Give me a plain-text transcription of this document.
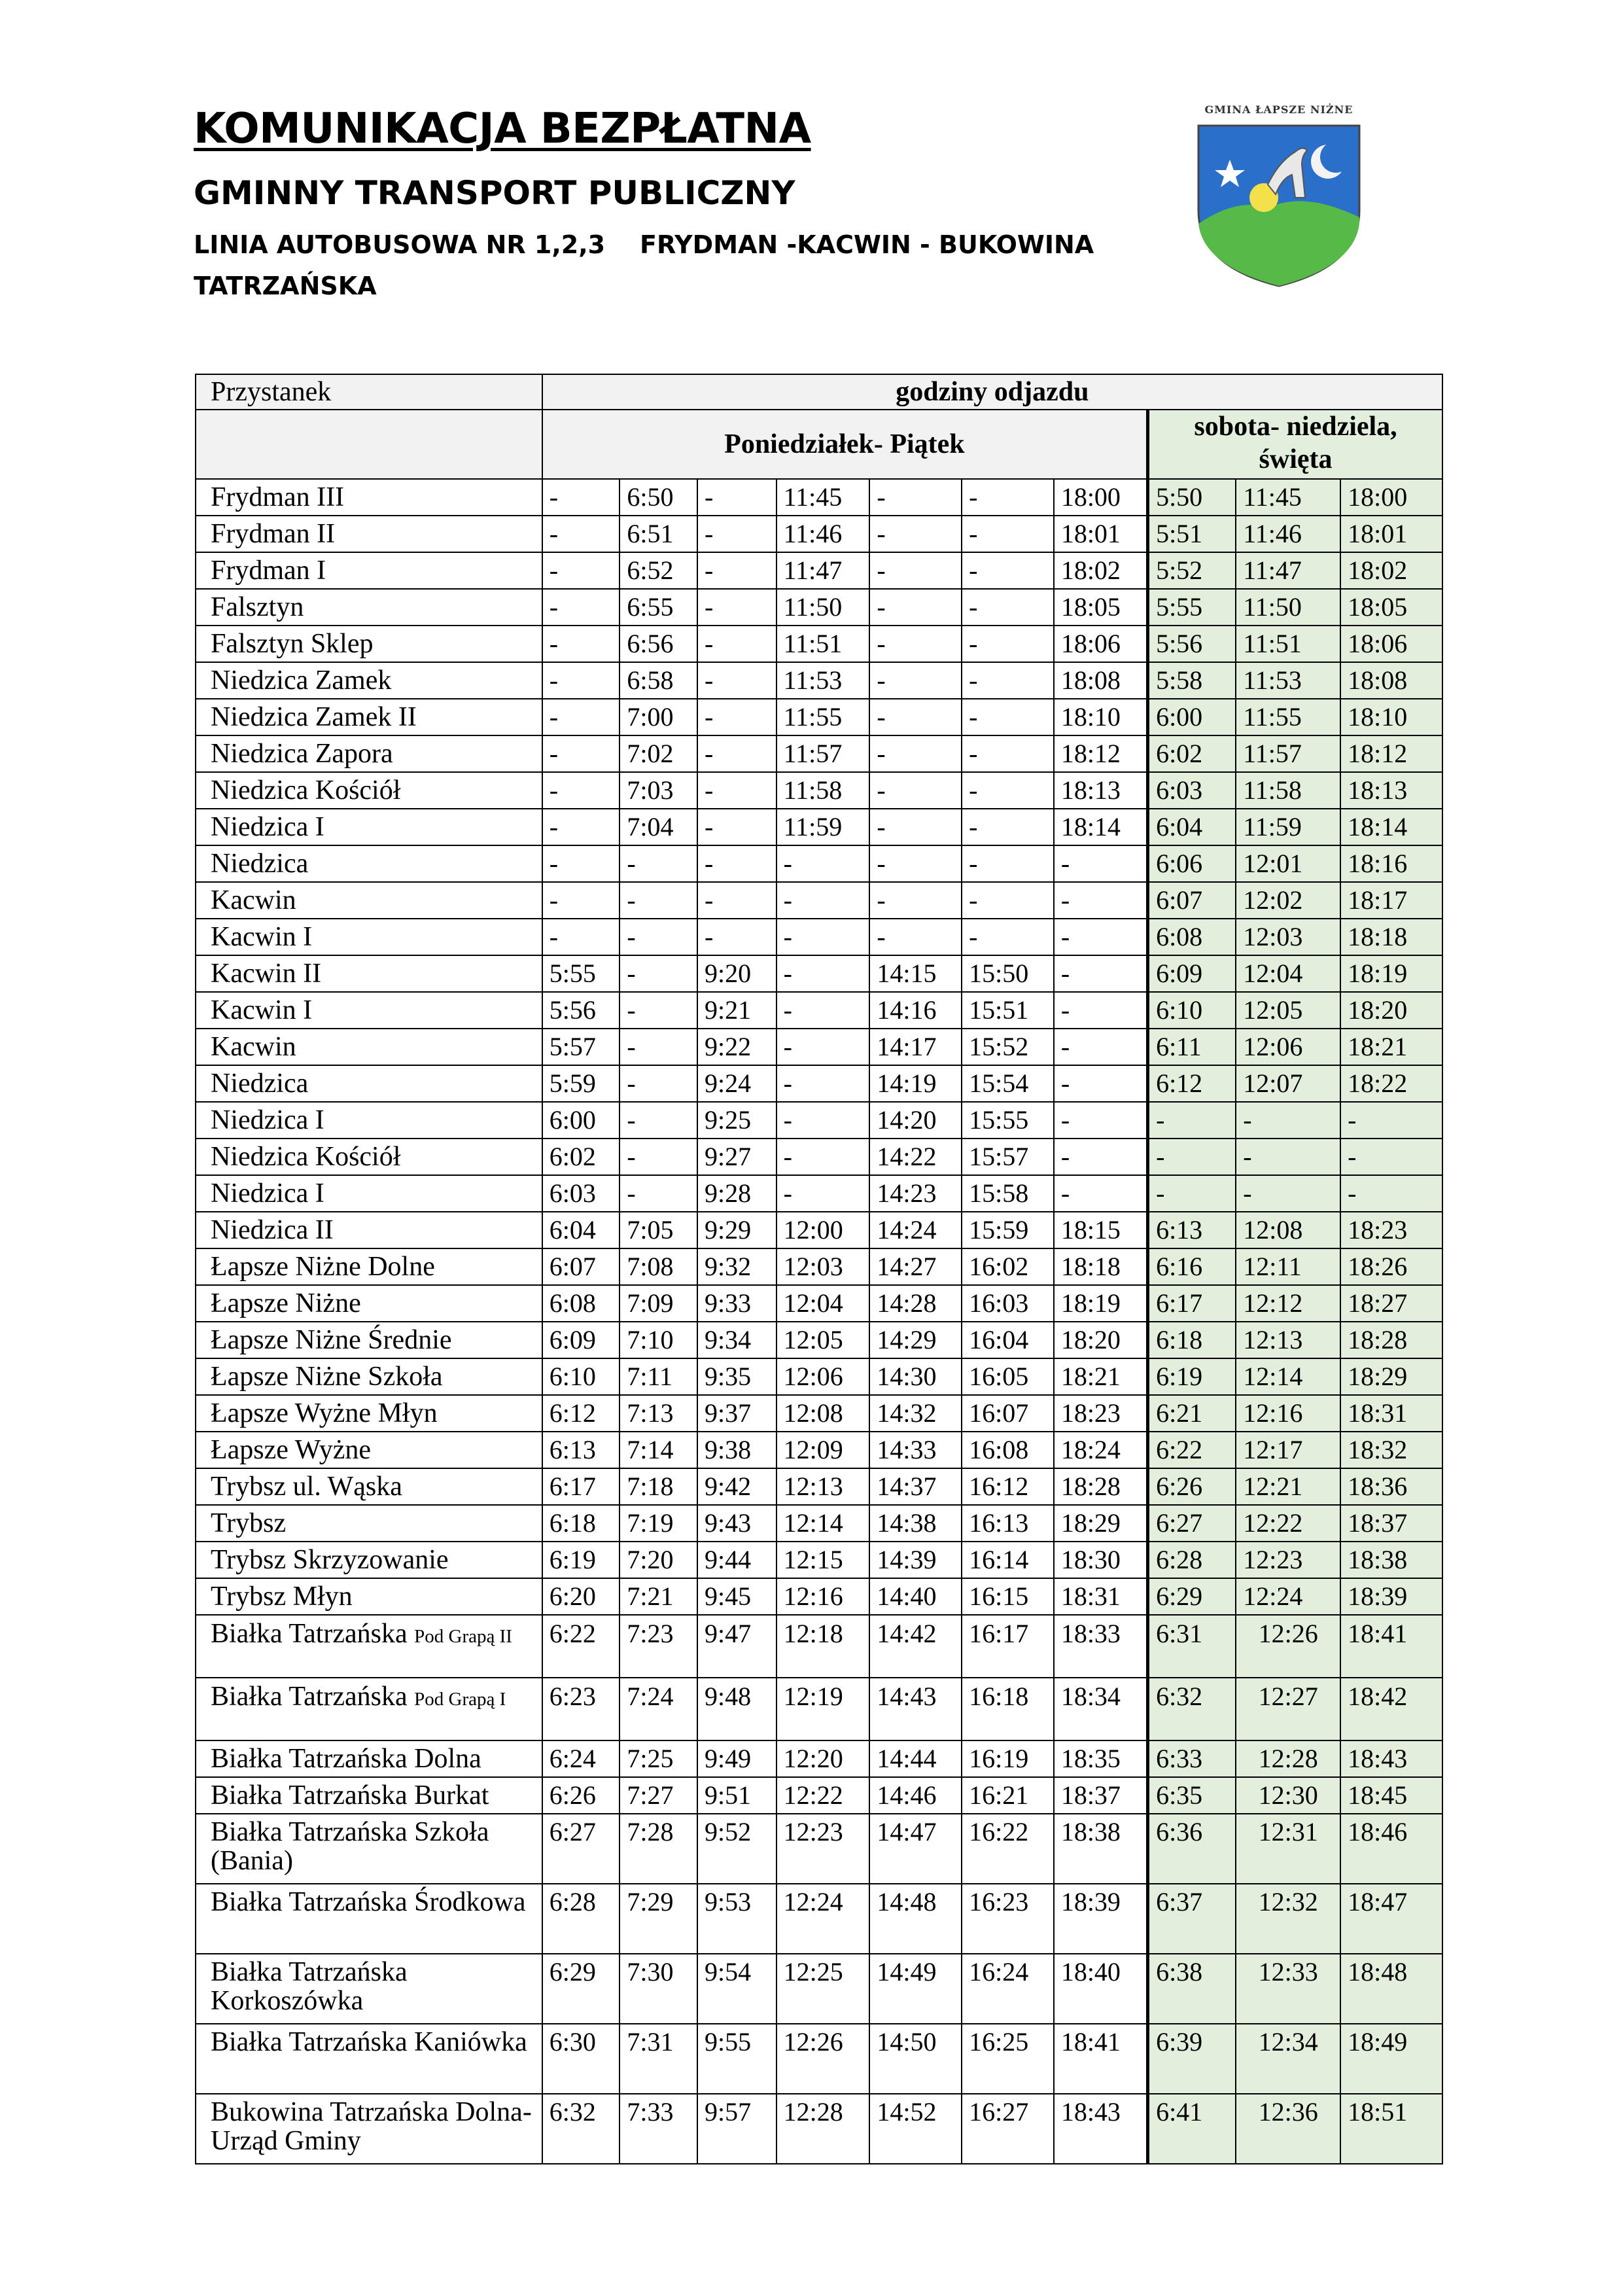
KOMUNIKACJA BEZPŁATNA
GMINNY TRANSPORT PUBLICZNY
LINIA AUTOBUSOWA NR 1,2,3    FRYDMAN -KACWIN - BUKOWINA
TATRZAŃSKA
GMINA ŁAPSZE NIŻNE
Przystanek	godziny odjazdu									
	Poniedziałek- Piątek							sobota- niedziela, święta		
Frydman III	-	6:50	-	11:45	-	-	18:00	5:50	11:45	18:00
Frydman II	-	6:51	-	11:46	-	-	18:01	5:51	11:46	18:01
Frydman I	-	6:52	-	11:47	-	-	18:02	5:52	11:47	18:02
Falsztyn	-	6:55	-	11:50	-	-	18:05	5:55	11:50	18:05
Falsztyn Sklep	-	6:56	-	11:51	-	-	18:06	5:56	11:51	18:06
Niedzica Zamek	-	6:58	-	11:53	-	-	18:08	5:58	11:53	18:08
Niedzica Zamek II	-	7:00	-	11:55	-	-	18:10	6:00	11:55	18:10
Niedzica Zapora	-	7:02	-	11:57	-	-	18:12	6:02	11:57	18:12
Niedzica Kościół	-	7:03	-	11:58	-	-	18:13	6:03	11:58	18:13
Niedzica I	-	7:04	-	11:59	-	-	18:14	6:04	11:59	18:14
Niedzica	-	-	-	-	-	-	-	6:06	12:01	18:16
Kacwin	-	-	-	-	-	-	-	6:07	12:02	18:17
Kacwin I	-	-	-	-	-	-	-	6:08	12:03	18:18
Kacwin II	5:55	-	9:20	-	14:15	15:50	-	6:09	12:04	18:19
Kacwin I	5:56	-	9:21	-	14:16	15:51	-	6:10	12:05	18:20
Kacwin	5:57	-	9:22	-	14:17	15:52	-	6:11	12:06	18:21
Niedzica	5:59	-	9:24	-	14:19	15:54	-	6:12	12:07	18:22
Niedzica I	6:00	-	9:25	-	14:20	15:55	-	-	-	-
Niedzica Kościół	6:02	-	9:27	-	14:22	15:57	-	-	-	-
Niedzica I	6:03	-	9:28	-	14:23	15:58	-	-	-	-
Niedzica II	6:04	7:05	9:29	12:00	14:24	15:59	18:15	6:13	12:08	18:23
Łapsze Niżne Dolne	6:07	7:08	9:32	12:03	14:27	16:02	18:18	6:16	12:11	18:26
Łapsze Niżne	6:08	7:09	9:33	12:04	14:28	16:03	18:19	6:17	12:12	18:27
Łapsze Niżne Średnie	6:09	7:10	9:34	12:05	14:29	16:04	18:20	6:18	12:13	18:28
Łapsze Niżne Szkoła	6:10	7:11	9:35	12:06	14:30	16:05	18:21	6:19	12:14	18:29
Łapsze Wyżne Młyn	6:12	7:13	9:37	12:08	14:32	16:07	18:23	6:21	12:16	18:31
Łapsze Wyżne	6:13	7:14	9:38	12:09	14:33	16:08	18:24	6:22	12:17	18:32
Trybsz ul. Wąska	6:17	7:18	9:42	12:13	14:37	16:12	18:28	6:26	12:21	18:36
Trybsz	6:18	7:19	9:43	12:14	14:38	16:13	18:29	6:27	12:22	18:37
Trybsz Skrzyzowanie	6:19	7:20	9:44	12:15	14:39	16:14	18:30	6:28	12:23	18:38
Trybsz Młyn	6:20	7:21	9:45	12:16	14:40	16:15	18:31	6:29	12:24	18:39
Białka Tatrzańska Pod Grapą II	6:22	7:23	9:47	12:18	14:42	16:17	18:33	6:31	12:26	18:41
Białka Tatrzańska Pod Grapą I	6:23	7:24	9:48	12:19	14:43	16:18	18:34	6:32	12:27	18:42
Białka Tatrzańska Dolna	6:24	7:25	9:49	12:20	14:44	16:19	18:35	6:33	12:28	18:43
Białka Tatrzańska Burkat	6:26	7:27	9:51	12:22	14:46	16:21	18:37	6:35	12:30	18:45
Białka Tatrzańska Szkoła (Bania)	6:27	7:28	9:52	12:23	14:47	16:22	18:38	6:36	12:31	18:46
Białka Tatrzańska Środkowa	6:28	7:29	9:53	12:24	14:48	16:23	18:39	6:37	12:32	18:47
Białka Tatrzańska Korkoszówka	6:29	7:30	9:54	12:25	14:49	16:24	18:40	6:38	12:33	18:48
Białka Tatrzańska Kaniówka	6:30	7:31	9:55	12:26	14:50	16:25	18:41	6:39	12:34	18:49
Bukowina Tatrzańska Dolna- Urząd Gminy	6:32	7:33	9:57	12:28	14:52	16:27	18:43	6:41	12:36	18:51
